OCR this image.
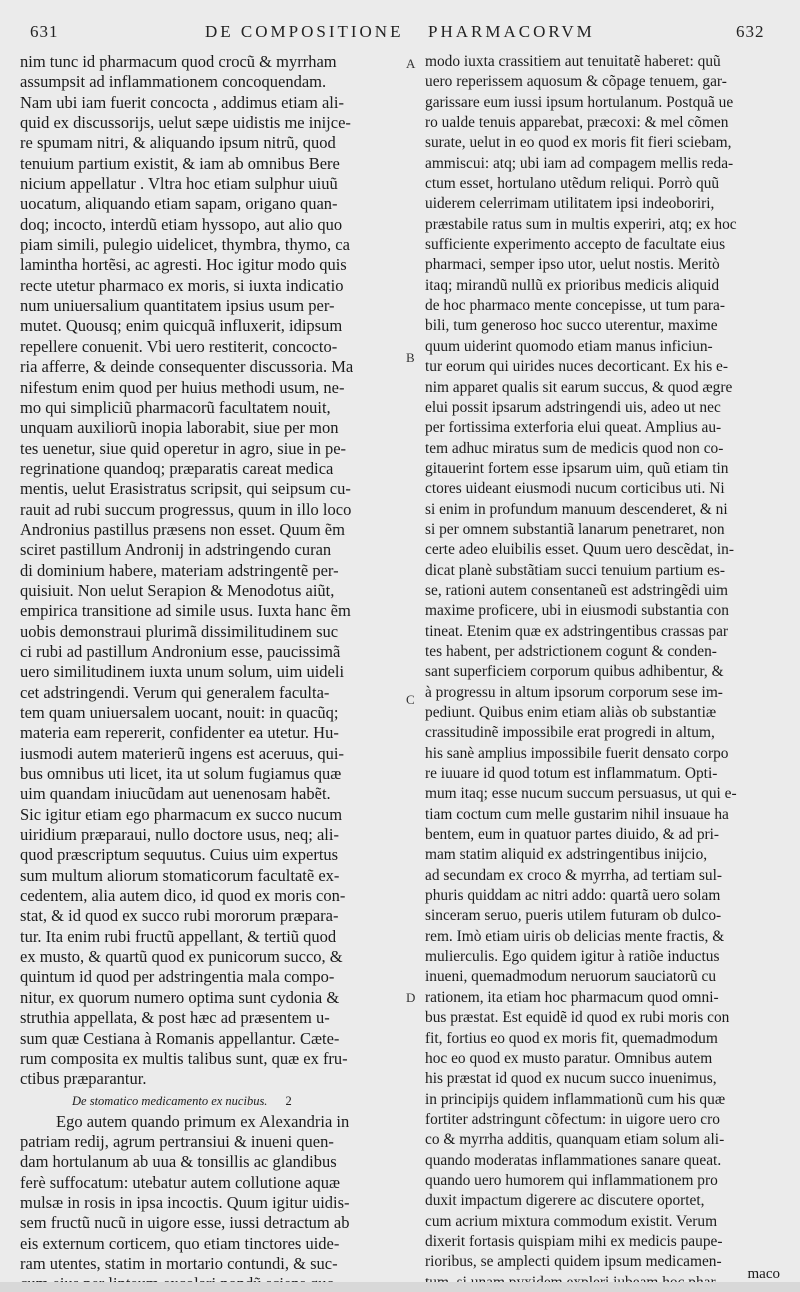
631	DE COMPOSITIONE PHARMACORVM	632
nim tunc id pharmacum quod crocũ & myrrham
assumpsit ad inflammationem concoquendam.
Nam ubi iam fuerit concocta , addimus etiam ali-
quid ex discussorijs, uelut sæpe uidistis me inijce-
re spumam nitri, & aliquando ipsum nitrũ, quod
tenuium partium existit, & iam ab omnibus Bere
nicium appellatur . Vltra hoc etiam sulphur uiuũ
uocatum, aliquando etiam sapam, origano quan-
doq; incocto, interdũ etiam hyssopo, aut alio quo
piam simili, pulegio uidelicet, thymbra, thymo, ca
lamintha hortẽsi, ac agresti. Hoc igitur modo quis
recte utetur pharmaco ex moris, si iuxta indicatio
num uniuersalium quantitatem ipsius usum per-
mutet. Quousq; enim quicquã influxerit, idipsum
repellere conuenit. Vbi uero restiterit, concocto-
ria afferre, & deinde consequenter discussoria. Ma
nifestum enim quod per huius methodi usum, ne-
mo qui simpliciũ pharmacorũ facultatem nouit,
unquam auxiliorũ inopia laborabit, siue per mon
tes uenetur, siue quid operetur in agro, siue in pe-
regrinatione quandoq; præparatis careat medica
mentis, uelut Erasistratus scripsit, qui seipsum cu-
rauit ad rubi succum progressus, quum in illo loco
Andronius pastillus præsens non esset. Quum ẽm
sciret pastillum Andronij in adstringendo curan
di dominium habere, materiam adstringentẽ per-
quisiuit. Non uelut Serapion & Menodotus aiũt,
empirica transitione ad simile usus. Iuxta hanc ẽm
uobis demonstraui plurimã dissimilitudinem suc
ci rubi ad pastillum Andronium esse, paucissimã
uero similitudinem iuxta unum solum, uim uideli
cet adstringendi. Verum qui generalem faculta-
tem quam uniuersalem uocant, nouit: in quacũq;
materia eam repererit, confidenter ea utetur. Hu-
iusmodi autem materierũ ingens est aceruus, qui-
bus omnibus uti licet, ita ut solum fugiamus quæ
uim quandam iniucũdam aut uenenosam habẽt.
Sic igitur etiam ego pharmacum ex succo nucum
uiridium præparaui, nullo doctore usus, neq; ali-
quod præscriptum sequutus. Cuius uim expertus
sum multum aliorum stomaticorum facultatẽ ex-
cedentem, alia autem dico, id quod ex moris con-
stat, & id quod ex succo rubi mororum præpara-
tur. Ita enim rubi fructũ appellant, & tertiũ quod
ex musto, & quartũ quod ex punicorum succo, &
quintum id quod per adstringentia mala compo-
nitur, ex quorum numero optima sunt cydonia &
struthia appellata, & post hæc ad præsentem u-
sum quæ Cestiana à Romanis appellantur. Cæte-
rum composita ex multis talibus sunt, quæ ex fru-
ctibus præparantur.
De stomatico medicamento ex nucibus. 2
Ego autem quando primum ex Alexandria in
patriam redij, agrum pertransiui & inueni quen-
dam hortulanum ab uua & tonsillis ac glandibus
ferè suffocatum: utebatur autem collutione aquæ
mulsæ in rosis in ipsa incoctis. Quum igitur uidis-
sem fructũ nucũ in uigore esse, iussi detractum ab
eis externum corticem, quo etiam tinctores uide-
ram utentes, statim in mortario contundi, & suc-
A
B
C
D
modo iuxta crassitiem aut tenuitatẽ haberet: quũ
uero reperissem aquosum & cõpage tenuem, gar-
garissare eum iussi ipsum hortulanum. Postquã ue
ro ualde tenuis apparebat, præcoxi: & mel cõmen
surate, uelut in eo quod ex moris fit fieri sciebam,
ammiscui: atq; ubi iam ad compagem mellis reda-
ctum esset, hortulano utẽdum reliqui. Porrò quũ
uiderem celerrimam utilitatem ipsi indeoboriri,
præstabile ratus sum in multis experiri, atq; ex hoc
sufficiente experimento accepto de facultate eius
pharmaci, semper ipso utor, uelut nostis. Meritò
itaq; mirandũ nullũ ex prioribus medicis aliquid
de hoc pharmaco mente concepisse, ut tum para-
bili, tum generoso hoc succo uterentur, maxime
quum uiderint quomodo etiam manus inficiun-
tur eorum qui uirides nuces decorticant. Ex his e-
nim apparet qualis sit earum succus, & quod ægre
elui possit ipsarum adstringendi uis, adeo ut nec
per fortissima exterforia elui queat. Amplius au-
tem adhuc miratus sum de medicis quod non co-
gitauerint fortem esse ipsarum uim, quũ etiam tin
ctores uideant eiusmodi nucum corticibus uti. Ni
si enim in profundum manuum descenderet, & ni
si per omnem substantiã lanarum penetraret, non
certe adeo eluibilis esset. Quum uero descẽdat, in-
dicat planè substãtiam succi tenuium partium es-
se, rationi autem consentaneũ est adstringẽdi uim
maxime proficere, ubi in eiusmodi substantia con
tineat. Etenim quæ ex adstringentibus crassas par
tes habent, per adstrictionem cogunt & conden-
sant superficiem corporum quibus adhibentur, &
à progressu in altum ipsorum corporum sese im-
pediunt. Quibus enim etiam aliàs ob substantiæ
crassitudinẽ impossibile erat progredi in altum,
his sanè amplius impossibile fuerit densato corpo
re iuuare id quod totum est inflammatum. Opti-
mum itaq; esse nucum succum persuasus, ut qui e-
tiam coctum cum melle gustarim nihil insuaue ha
bentem, eum in quatuor partes diuido, & ad pri-
mam statim aliquid ex adstringentibus inijcio,
ad secundam ex croco & myrrha, ad tertiam sul-
phuris quiddam ac nitri addo: quartã uero solam
sinceram seruo, pueris utilem futuram ob dulco-
rem. Imò etiam uiris ob delicias mente fractis, &
mulierculis. Ego quidem igitur à ratiõe inductus
inueni, quemadmodum neruorum sauciatorũ cu
rationem, ita etiam hoc pharmacum quod omni-
bus præstat. Est equidẽ id quod ex rubi moris con
fit, fortius eo quod ex moris fit, quemadmodum
hoc eo quod ex musto paratur. Omnibus autem
his præstat id quod ex nucum succo inuenimus,
in principijs quidem inflammationũ cum his quæ
fortiter adstringunt cõfectum: in uigore uero cro
co & myrrha additis, quanquam etiam solum ali-
quando moderatas inflammationes sanare queat.
quando uero humorem qui inflammationem pro
duxit impactum digerere ac discutere oportet,
cum acrium mixtura commodum existit. Verum
dixerit fortasis quispiam mihi ex medicis paupe-
rioribus, se amplecti quidem ipsum medicamen-
maco
